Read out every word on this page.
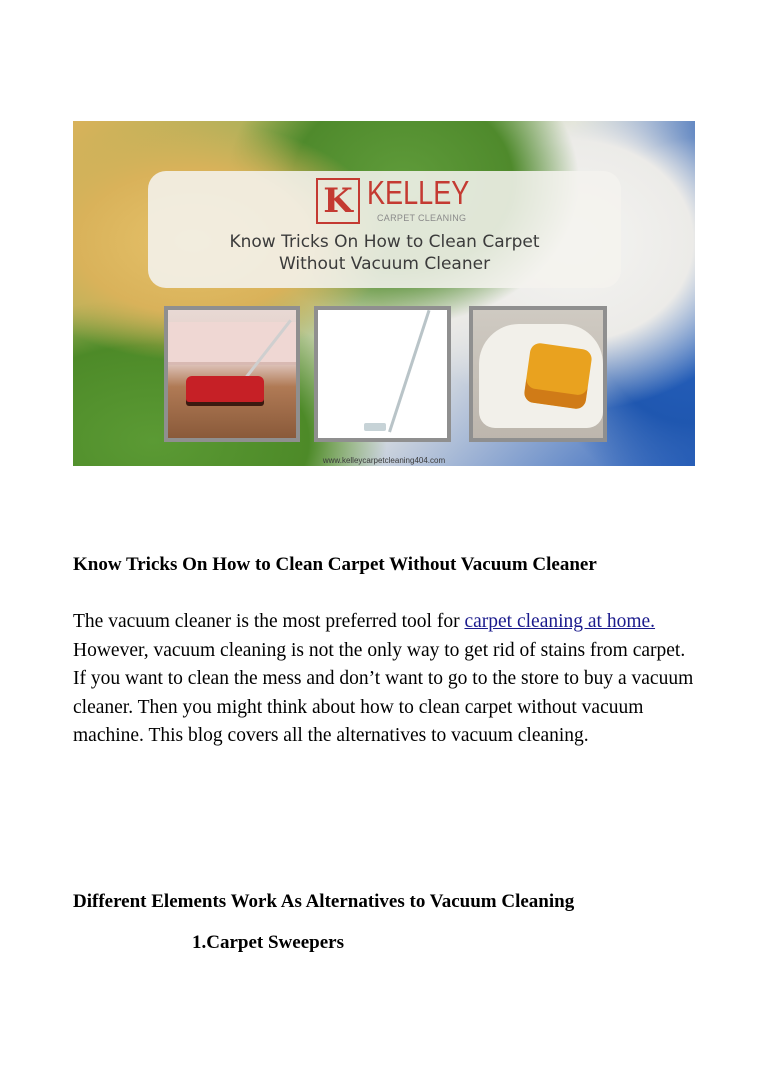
K KELLEY
CARPET CLEANING
Know Tricks On How to Clean Carpet
Without Vacuum Cleaner
www.kelleycarpetcleaning404.com
Know Tricks On How to Clean Carpet Without Vacuum Cleaner
The vacuum cleaner is the most preferred tool for carpet cleaning at home. However, vacuum cleaning is not the only way to get rid of stains from carpet. If you want to clean the mess and don’t want to go to the store to buy a vacuum cleaner. Then you might think about how to clean carpet without vacuum machine. This blog covers all the alternatives to vacuum cleaning.
Different Elements Work As Alternatives to Vacuum Cleaning
1.Carpet Sweepers
